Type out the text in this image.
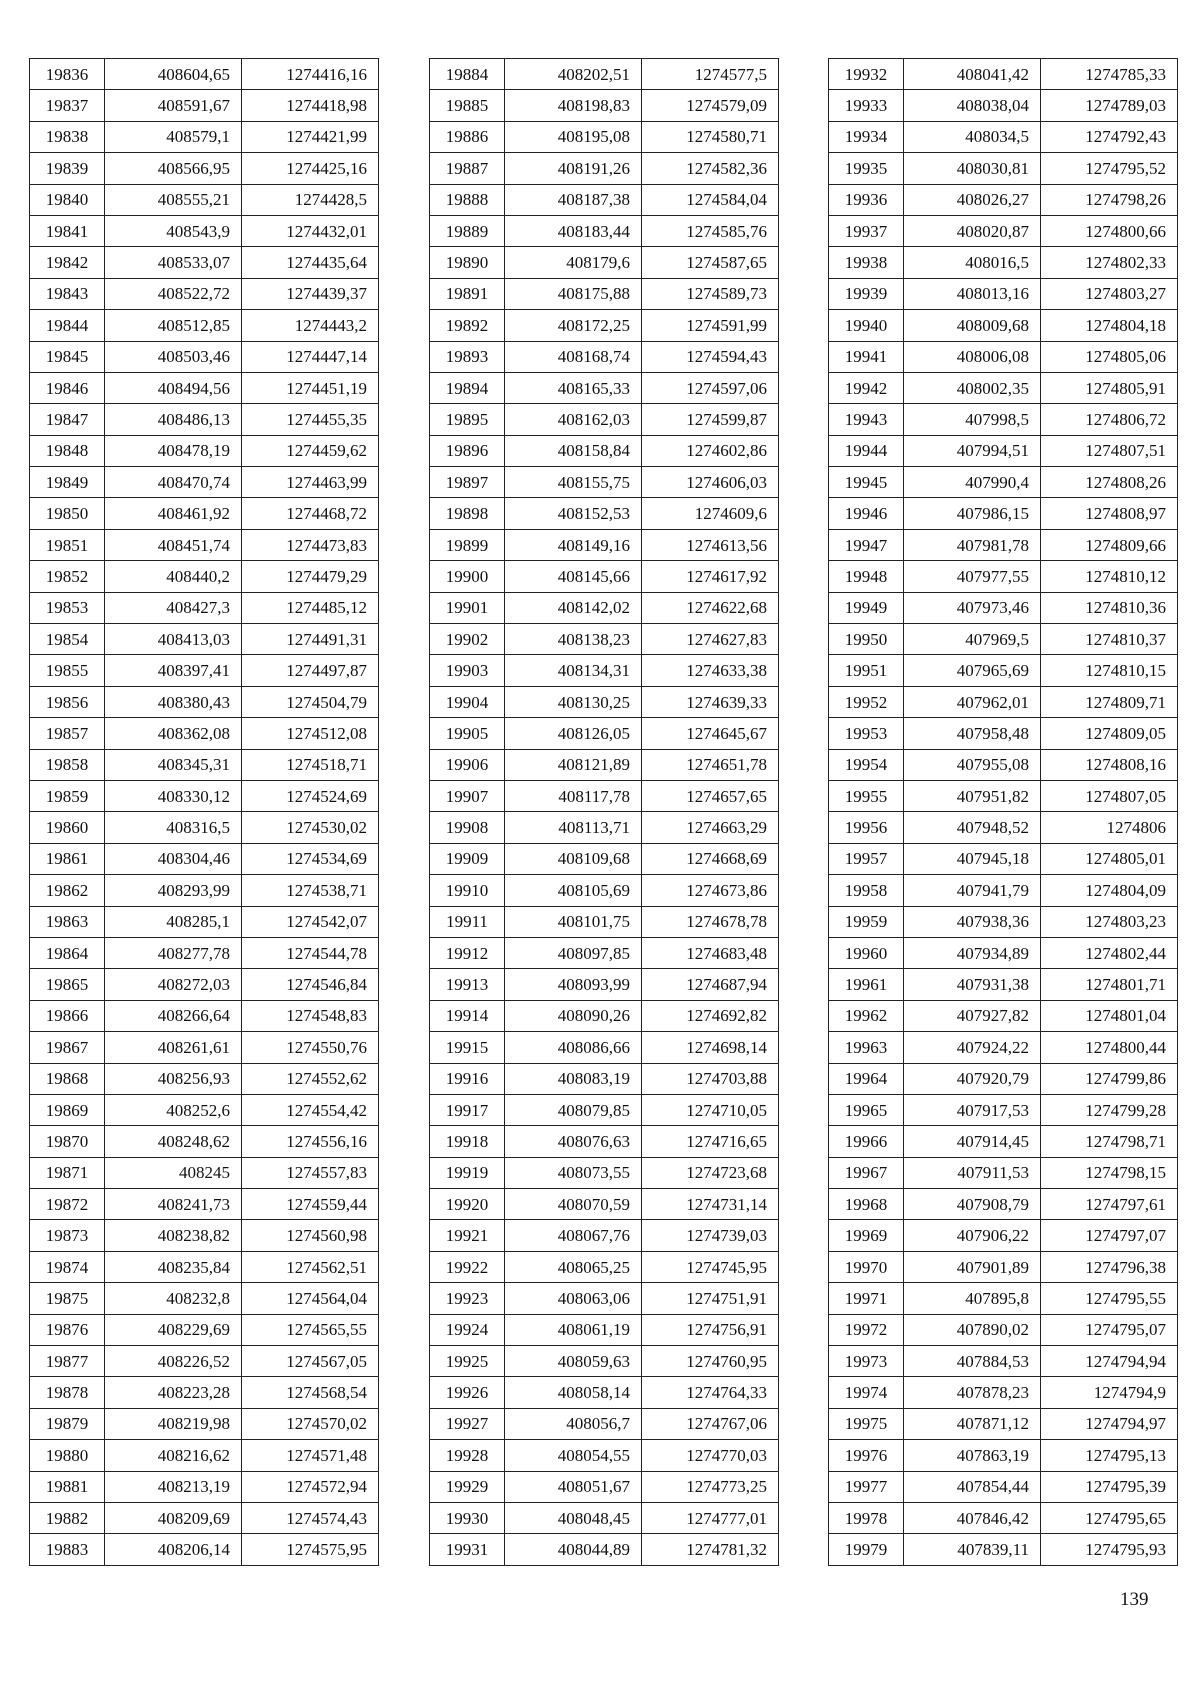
19836	408604,65	1274416,16
19837	408591,67	1274418,98
19838	408579,1	1274421,99
19839	408566,95	1274425,16
19840	408555,21	1274428,5
19841	408543,9	1274432,01
19842	408533,07	1274435,64
19843	408522,72	1274439,37
19844	408512,85	1274443,2
19845	408503,46	1274447,14
19846	408494,56	1274451,19
19847	408486,13	1274455,35
19848	408478,19	1274459,62
19849	408470,74	1274463,99
19850	408461,92	1274468,72
19851	408451,74	1274473,83
19852	408440,2	1274479,29
19853	408427,3	1274485,12
19854	408413,03	1274491,31
19855	408397,41	1274497,87
19856	408380,43	1274504,79
19857	408362,08	1274512,08
19858	408345,31	1274518,71
19859	408330,12	1274524,69
19860	408316,5	1274530,02
19861	408304,46	1274534,69
19862	408293,99	1274538,71
19863	408285,1	1274542,07
19864	408277,78	1274544,78
19865	408272,03	1274546,84
19866	408266,64	1274548,83
19867	408261,61	1274550,76
19868	408256,93	1274552,62
19869	408252,6	1274554,42
19870	408248,62	1274556,16
19871	408245	1274557,83
19872	408241,73	1274559,44
19873	408238,82	1274560,98
19874	408235,84	1274562,51
19875	408232,8	1274564,04
19876	408229,69	1274565,55
19877	408226,52	1274567,05
19878	408223,28	1274568,54
19879	408219,98	1274570,02
19880	408216,62	1274571,48
19881	408213,19	1274572,94
19882	408209,69	1274574,43
19883	408206,14	1274575,95
19884	408202,51	1274577,5
19885	408198,83	1274579,09
19886	408195,08	1274580,71
19887	408191,26	1274582,36
19888	408187,38	1274584,04
19889	408183,44	1274585,76
19890	408179,6	1274587,65
19891	408175,88	1274589,73
19892	408172,25	1274591,99
19893	408168,74	1274594,43
19894	408165,33	1274597,06
19895	408162,03	1274599,87
19896	408158,84	1274602,86
19897	408155,75	1274606,03
19898	408152,53	1274609,6
19899	408149,16	1274613,56
19900	408145,66	1274617,92
19901	408142,02	1274622,68
19902	408138,23	1274627,83
19903	408134,31	1274633,38
19904	408130,25	1274639,33
19905	408126,05	1274645,67
19906	408121,89	1274651,78
19907	408117,78	1274657,65
19908	408113,71	1274663,29
19909	408109,68	1274668,69
19910	408105,69	1274673,86
19911	408101,75	1274678,78
19912	408097,85	1274683,48
19913	408093,99	1274687,94
19914	408090,26	1274692,82
19915	408086,66	1274698,14
19916	408083,19	1274703,88
19917	408079,85	1274710,05
19918	408076,63	1274716,65
19919	408073,55	1274723,68
19920	408070,59	1274731,14
19921	408067,76	1274739,03
19922	408065,25	1274745,95
19923	408063,06	1274751,91
19924	408061,19	1274756,91
19925	408059,63	1274760,95
19926	408058,14	1274764,33
19927	408056,7	1274767,06
19928	408054,55	1274770,03
19929	408051,67	1274773,25
19930	408048,45	1274777,01
19931	408044,89	1274781,32
19932	408041,42	1274785,33
19933	408038,04	1274789,03
19934	408034,5	1274792,43
19935	408030,81	1274795,52
19936	408026,27	1274798,26
19937	408020,87	1274800,66
19938	408016,5	1274802,33
19939	408013,16	1274803,27
19940	408009,68	1274804,18
19941	408006,08	1274805,06
19942	408002,35	1274805,91
19943	407998,5	1274806,72
19944	407994,51	1274807,51
19945	407990,4	1274808,26
19946	407986,15	1274808,97
19947	407981,78	1274809,66
19948	407977,55	1274810,12
19949	407973,46	1274810,36
19950	407969,5	1274810,37
19951	407965,69	1274810,15
19952	407962,01	1274809,71
19953	407958,48	1274809,05
19954	407955,08	1274808,16
19955	407951,82	1274807,05
19956	407948,52	1274806
19957	407945,18	1274805,01
19958	407941,79	1274804,09
19959	407938,36	1274803,23
19960	407934,89	1274802,44
19961	407931,38	1274801,71
19962	407927,82	1274801,04
19963	407924,22	1274800,44
19964	407920,79	1274799,86
19965	407917,53	1274799,28
19966	407914,45	1274798,71
19967	407911,53	1274798,15
19968	407908,79	1274797,61
19969	407906,22	1274797,07
19970	407901,89	1274796,38
19971	407895,8	1274795,55
19972	407890,02	1274795,07
19973	407884,53	1274794,94
19974	407878,23	1274794,9
19975	407871,12	1274794,97
19976	407863,19	1274795,13
19977	407854,44	1274795,39
19978	407846,42	1274795,65
19979	407839,11	1274795,93
139
